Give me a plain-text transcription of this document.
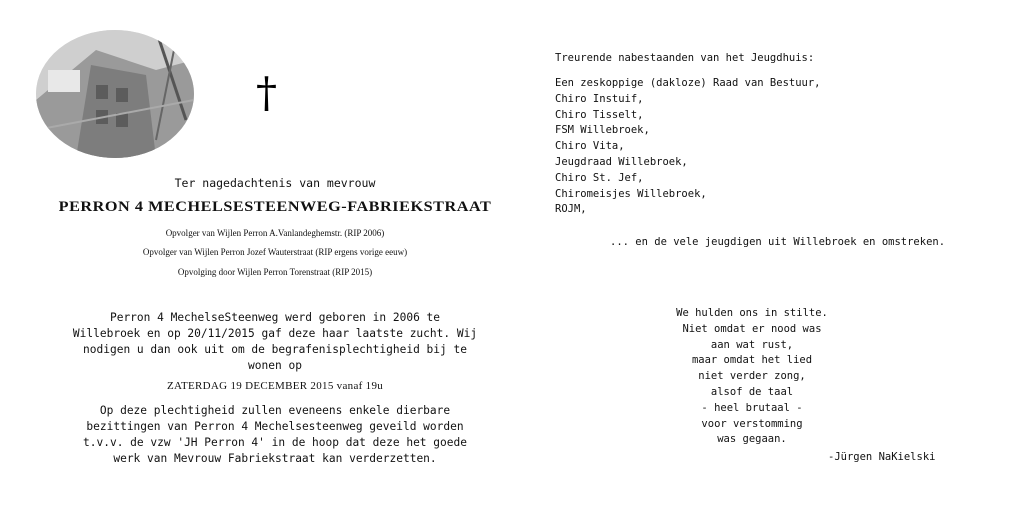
†
Ter nagedachtenis van mevrouw
PERRON 4 MECHELSESTEENWEG-FABRIEKSTRAAT
Opvolger van Wijlen Perron A.Vanlandeghemstr. (RIP 2006)
Opvolger van Wijlen Perron Jozef Wauterstraat (RIP ergens vorige eeuw)
Opvolging door Wijlen Perron Torenstraat (RIP 2015)
Perron 4 MechelseSteenweg werd geboren in 2006 te
Willebroek en op 20/11/2015 gaf deze haar laatste zucht. Wij
nodigen u dan ook uit om de begrafenisplechtigheid bij te
wonen op
ZATERDAG 19 DECEMBER 2015 vanaf 19u
Op deze plechtigheid zullen eveneens enkele dierbare
bezittingen van Perron 4 Mechelsesteenweg geveild worden
t.v.v. de vzw 'JH Perron 4' in de hoop dat deze het goede
werk van Mevrouw Fabriekstraat kan verderzetten.
Treurende nabestaanden van het Jeugdhuis:
Een zeskoppige (dakloze) Raad van Bestuur,
Chiro Instuif,
Chiro Tisselt,
FSM Willebroek,
Chiro Vita,
Jeugdraad Willebroek,
Chiro St. Jef,
Chiromeisjes Willebroek,
ROJM,
... en de vele jeugdigen uit Willebroek en omstreken.
We hulden ons in stilte.
Niet omdat er nood was
aan wat rust,
maar omdat het lied
niet verder zong,
alsof de taal
- heel brutaal -
voor verstomming
was gegaan.
-Jürgen NaKielski
